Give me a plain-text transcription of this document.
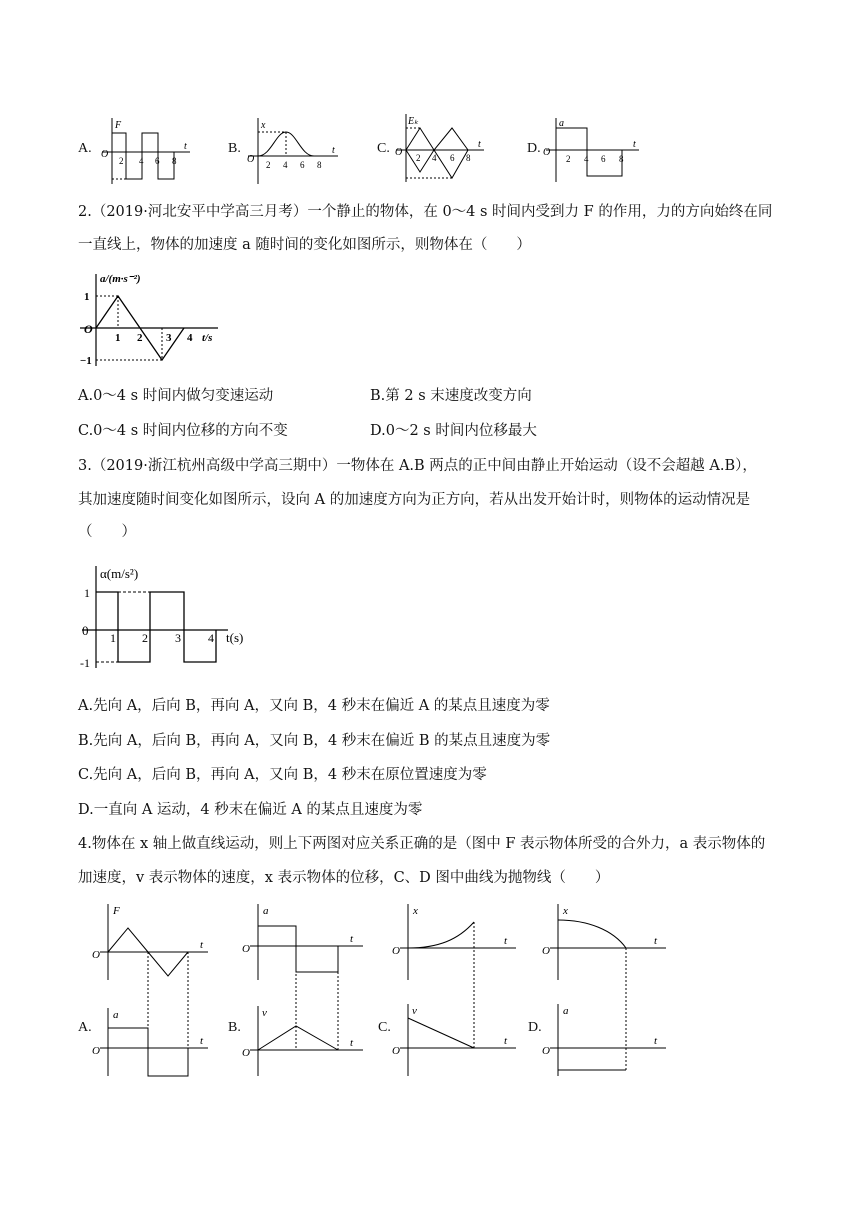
A.
F
O
t
2 4 6 8
B.
x
O
t
2 4 6 8
C.
Eₖ
O
t
2 4 6 8
D.
a
O
t
2 4 6 8
2.（2019·河北安平中学高三月考）一个静止的物体，在 0～4 s 时间内受到力 F 的作用，力的方向始终在同
一直线上，物体的加速度 a 随时间的变化如图所示，则物体在（　　）
a/(m·s⁻²)
O
1
−1
1 2 3 4 t/s
A.0～4 s 时间内做匀变速运动	B.第 2 s 末速度改变方向
C.0～4 s 时间内位移的方向不变	D.0～2 s 时间内位移最大
3.（2019·浙江杭州高级中学高三期中）一物体在 A.B 两点的正中间由静止开始运动（设不会超越 A.B），
其加速度随时间变化如图所示，设向 A 的加速度方向为正方向，若从出发开始计时，则物体的运动情况是
（　　）
α(m/s²)
0
1
-1
1 2 3 4 t(s)
A.先向 A，后向 B，再向 A，又向 B，4 秒末在偏近 A 的某点且速度为零
B.先向 A，后向 B，再向 A，又向 B，4 秒末在偏近 B 的某点且速度为零
C.先向 A，后向 B，再向 A，又向 B，4 秒末在原位置速度为零
D.一直向 A 运动，4 秒末在偏近 A 的某点且速度为零
4.物体在 x 轴上做直线运动，则上下两图对应关系正确的是（图中 F 表示物体所受的合外力，a 表示物体的
加速度，v 表示物体的速度，x 表示物体的位移，C、D 图中曲线为抛物线（　　）
A.
F
O
t
a
O
t
B.
a
O
t
v
O
t
C.
x
O
t
v
O
t
D.
x
O
t
a
O
t
